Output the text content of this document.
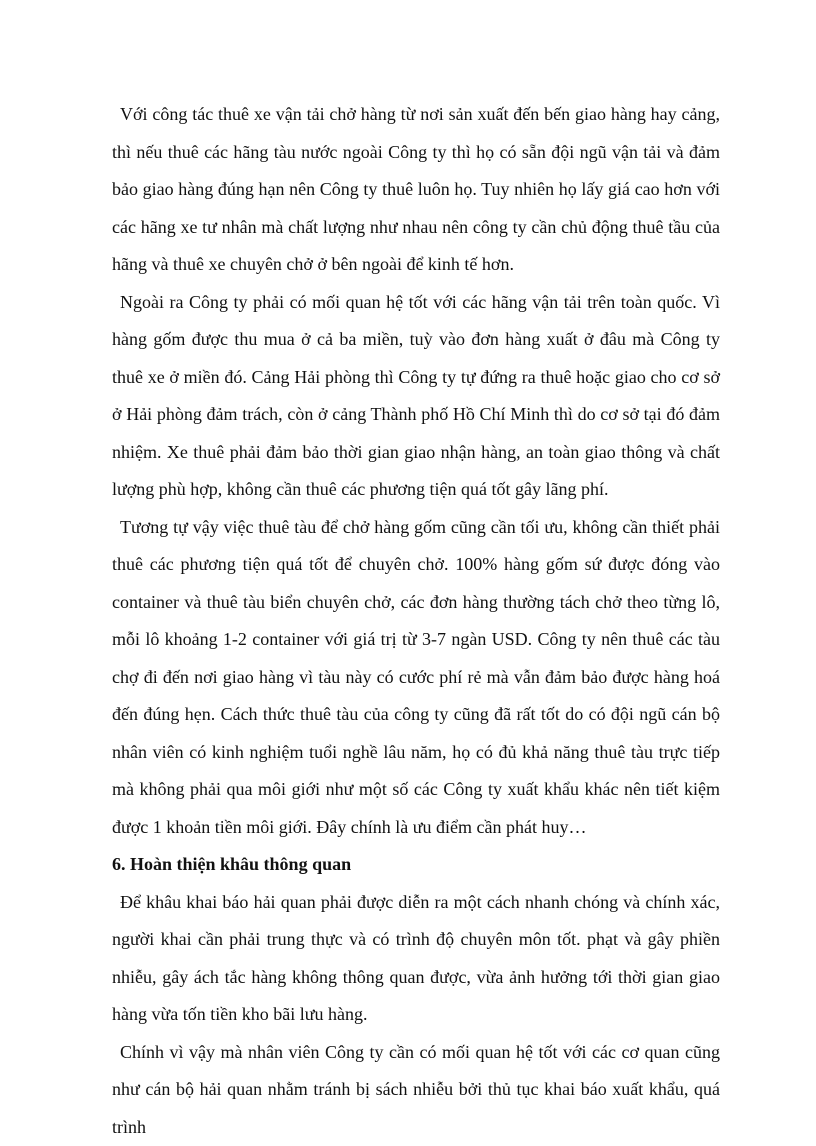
Với công tác thuê xe vận tải chở hàng từ nơi sản xuất đến bến giao hàng hay cảng, thì nếu thuê các hãng tàu nước ngoài Công ty thì họ có sẵn đội ngũ vận tải và đảm bảo giao hàng đúng hạn nên Công ty thuê luôn họ. Tuy nhiên họ lấy giá cao hơn với các hãng xe tư nhân mà chất lượng như nhau nên công ty cần chủ động thuê tầu của hãng và thuê xe chuyên chở ở bên ngoài để kinh tế hơn.

Ngoài ra Công ty phải có mối quan hệ tốt với các hãng vận tải trên toàn quốc. Vì hàng gốm được thu mua ở cả ba miền, tuỳ vào đơn hàng xuất ở đâu mà Công ty thuê xe ở miền đó. Cảng Hải phòng thì Công ty tự đứng ra thuê hoặc giao cho cơ sở ở Hải phòng đảm trách, còn ở cảng Thành phố Hồ Chí Minh thì do cơ sở tại đó đảm nhiệm. Xe thuê phải đảm bảo thời gian giao nhận hàng, an toàn giao thông và chất lượng phù hợp, không cần thuê các phương tiện quá tốt gây lãng phí.

Tương tự vậy việc thuê tàu để chở hàng gốm cũng cần tối ưu, không cần thiết phải thuê các phương tiện quá tốt để chuyên chở. 100% hàng gốm sứ được đóng vào container và thuê tàu biển chuyên chở, các đơn hàng thường tách chở theo từng lô, mỗi lô khoảng 1-2 container với giá trị từ 3-7 ngàn USD. Công ty nên thuê các tàu chợ đi đến nơi giao hàng vì tàu này có cước phí rẻ mà vẫn đảm bảo được hàng hoá đến đúng hẹn. Cách thức thuê tàu của công ty cũng đã rất tốt do có đội ngũ cán bộ nhân viên có kinh nghiệm tuổi nghề lâu năm, họ có đủ khả năng thuê tàu trực tiếp mà không phải qua môi giới như một số các Công ty xuất khẩu khác nên tiết kiệm được 1 khoản tiền môi giới. Đây chính là ưu điểm cần phát huy…

6. Hoàn thiện khâu thông quan

Để khâu khai báo hải quan phải được diễn ra một cách nhanh chóng và chính xác, người khai cần phải trung thực và có trình độ chuyên môn tốt. phạt và gây phiền nhiễu, gây ách tắc hàng không thông quan được, vừa ảnh hưởng tới thời gian giao hàng vừa tốn tiền kho bãi lưu hàng.

Chính vì vậy mà nhân viên Công ty cần có mối quan hệ tốt với các cơ quan cũng như cán bộ hải quan nhằm tránh bị sách nhiễu bởi thủ tục khai báo xuất khẩu, quá trình
